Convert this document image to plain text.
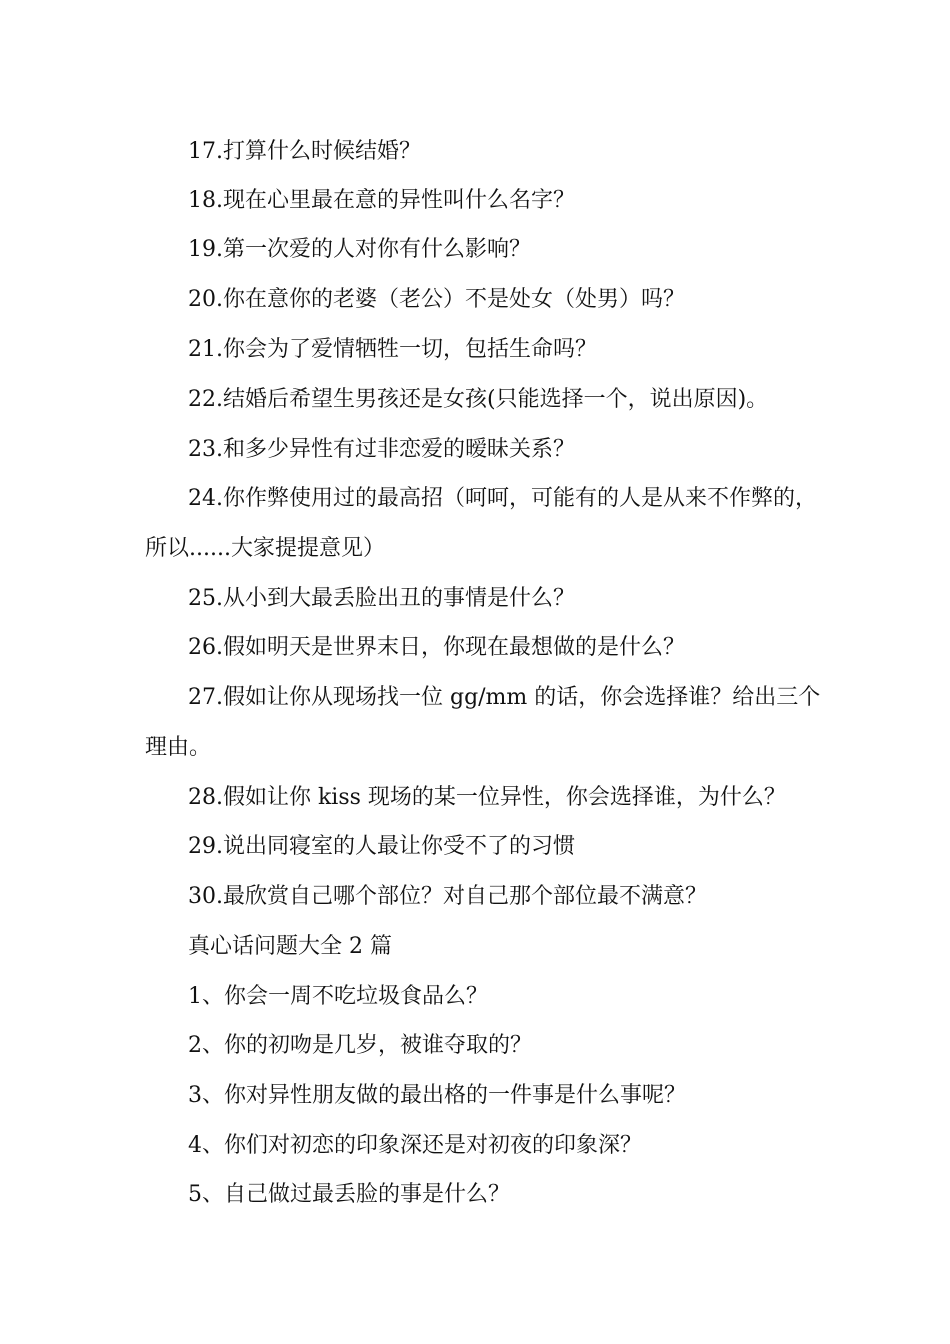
17.打算什么时候结婚？
18.现在心里最在意的异性叫什么名字？
19.第一次爱的人对你有什么影响？
20.你在意你的老婆（老公）不是处女（处男）吗？
21.你会为了爱情牺牲一切，包括生命吗？
22.结婚后希望生男孩还是女孩(只能选择一个，说出原因)。
23.和多少异性有过非恋爱的暧昧关系？
24.你作弊使用过的最高招（呵呵，可能有的人是从来不作弊的，
所以......大家提提意见）
25.从小到大最丢脸出丑的事情是什么？
26.假如明天是世界末日，你现在最想做的是什么？
27.假如让你从现场找一位 gg/mm 的话，你会选择谁？给出三个
理由。
28.假如让你 kiss 现场的某一位异性，你会选择谁，为什么？
29.说出同寝室的人最让你受不了的习惯
30.最欣赏自己哪个部位？对自己那个部位最不满意？
真心话问题大全 2 篇
1、你会一周不吃垃圾食品么？
2、你的初吻是几岁，被谁夺取的？
3、你对异性朋友做的最出格的一件事是什么事呢？
4、你们对初恋的印象深还是对初夜的印象深？
5、自己做过最丢脸的事是什么？
